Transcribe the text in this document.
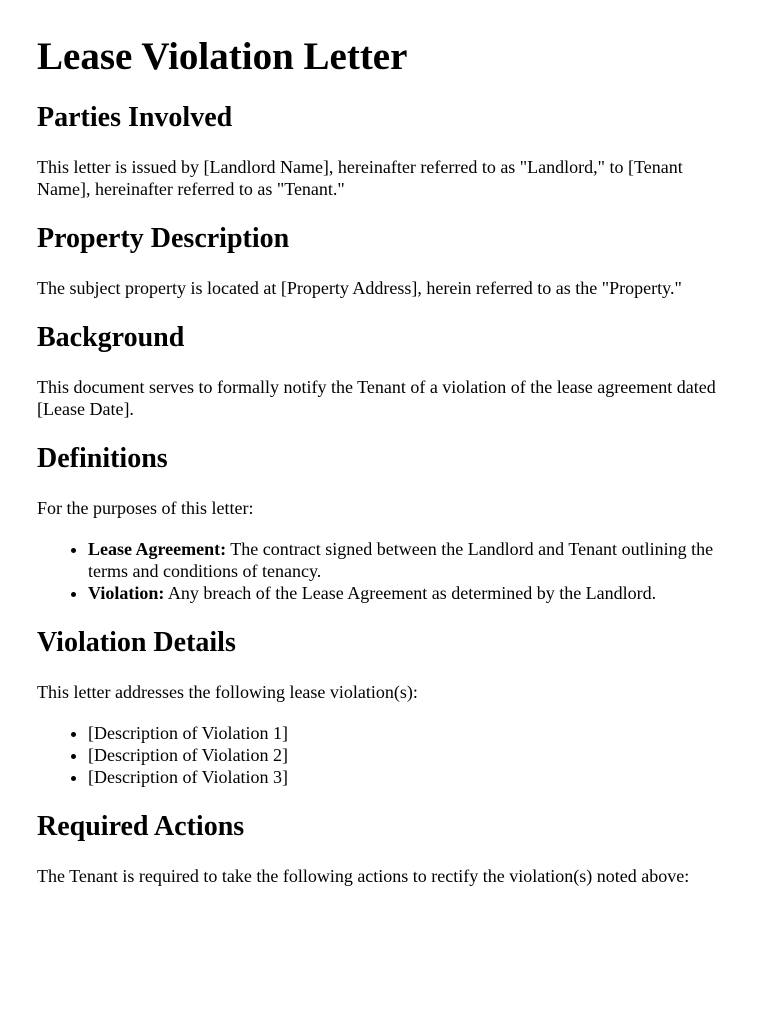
Lease Violation Letter
Parties Involved

This letter is issued by [Landlord Name], hereinafter referred to as "Landlord," to [Tenant Name], hereinafter referred to as "Tenant."

Property Description

The subject property is located at [Property Address], herein referred to as the "Property."

Background

This document serves to formally notify the Tenant of a violation of the lease agreement dated [Lease Date].

Definitions

For the purposes of this letter:

• Lease Agreement: The contract signed between the Landlord and Tenant outlining the terms and conditions of tenancy.
• Violation: Any breach of the Lease Agreement as determined by the Landlord.
Violation Details

This letter addresses the following lease violation(s):

• [Description of Violation 1]
• [Description of Violation 2]
• [Description of Violation 3]
Required Actions

The Tenant is required to take the following actions to rectify the violation(s) noted above:
